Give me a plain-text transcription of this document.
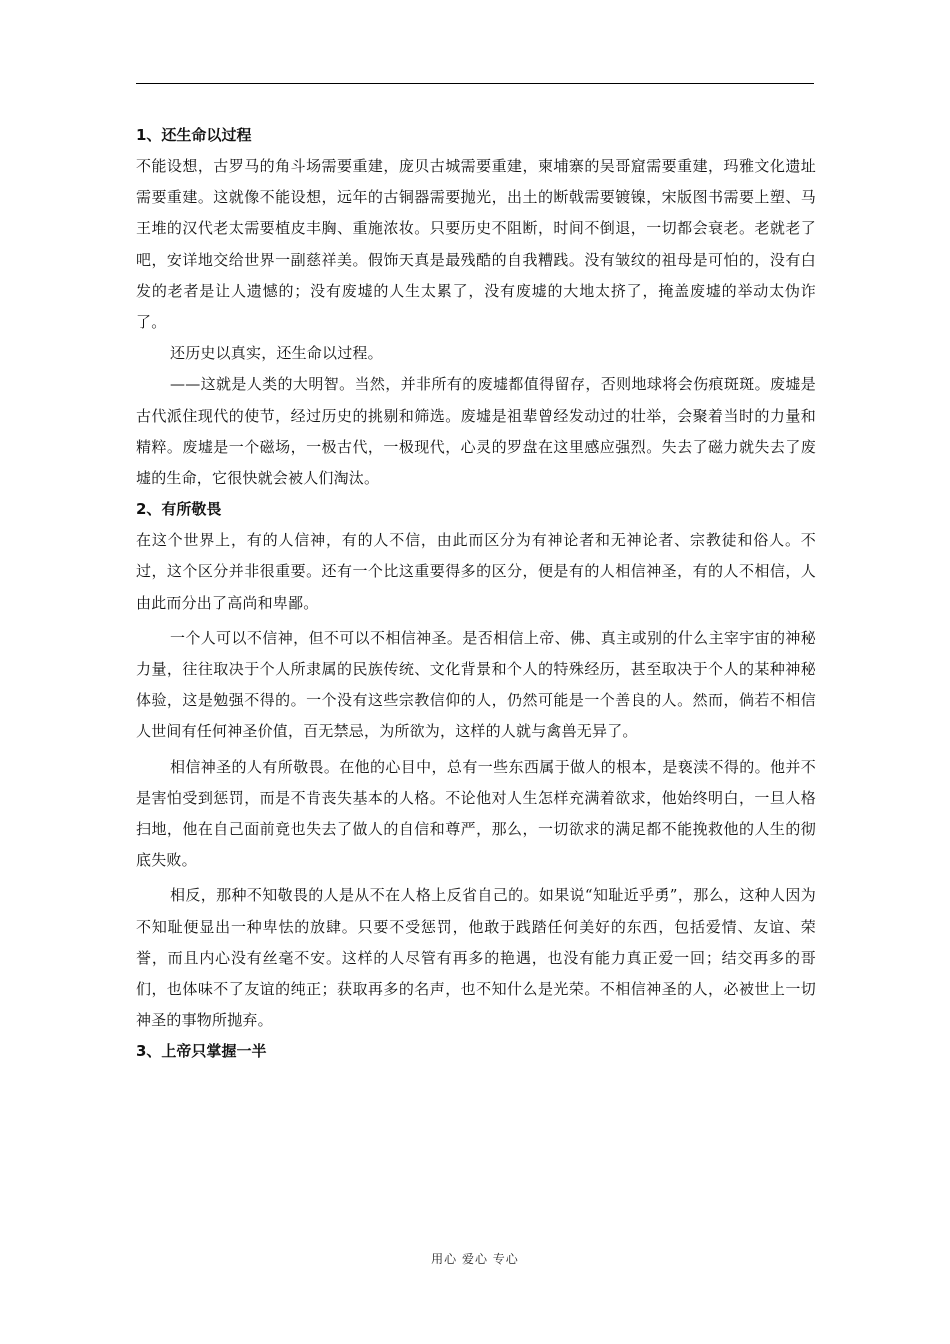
1、还生命以过程

不能设想，古罗马的角斗场需要重建，庞贝古城需要重建，柬埔寨的吴哥窟需要重建，玛雅文化遗址需要重建。这就像不能设想，远年的古铜器需要抛光，出土的断戟需要镀镍，宋版图书需要上塑、马王堆的汉代老太需要植皮丰胸、重施浓妆。只要历史不阻断，时间不倒退，一切都会衰老。老就老了吧，安详地交给世界一副慈祥美。假饰天真是最残酷的自我糟践。没有皱纹的祖母是可怕的，没有白发的老者是让人遗憾的；没有废墟的人生太累了，没有废墟的大地太挤了，掩盖废墟的举动太伪诈了。

还历史以真实，还生命以过程。

——这就是人类的大明智。当然，并非所有的废墟都值得留存，否则地球将会伤痕斑斑。废墟是古代派住现代的使节，经过历史的挑剔和筛选。废墟是祖辈曾经发动过的壮举，会聚着当时的力量和精粹。废墟是一个磁场，一极古代，一极现代，心灵的罗盘在这里感应强烈。失去了磁力就失去了废墟的生命，它很快就会被人们淘汰。

2、有所敬畏

在这个世界上，有的人信神，有的人不信，由此而区分为有神论者和无神论者、宗教徒和俗人。不过，这个区分并非很重要。还有一个比这重要得多的区分，便是有的人相信神圣，有的人不相信，人由此而分出了高尚和卑鄙。

一个人可以不信神，但不可以不相信神圣。是否相信上帝、佛、真主或别的什么主宰宇宙的神秘力量，往往取决于个人所隶属的民族传统、文化背景和个人的特殊经历，甚至取决于个人的某种神秘体验，这是勉强不得的。一个没有这些宗教信仰的人，仍然可能是一个善良的人。然而，倘若不相信人世间有任何神圣价值，百无禁忌，为所欲为，这样的人就与禽兽无异了。

相信神圣的人有所敬畏。在他的心目中，总有一些东西属于做人的根本，是亵渎不得的。他并不是害怕受到惩罚，而是不肯丧失基本的人格。不论他对人生怎样充满着欲求，他始终明白，一旦人格扫地，他在自己面前竟也失去了做人的自信和尊严，那么，一切欲求的满足都不能挽救他的人生的彻底失败。

相反，那种不知敬畏的人是从不在人格上反省自己的。如果说“知耻近乎勇”，那么，这种人因为不知耻便显出一种卑怯的放肆。只要不受惩罚，他敢于践踏任何美好的东西，包括爱情、友谊、荣誉，而且内心没有丝毫不安。这样的人尽管有再多的艳遇，也没有能力真正爱一回；结交再多的哥们，也体味不了友谊的纯正；获取再多的名声，也不知什么是光荣。不相信神圣的人，必被世上一切神圣的事物所抛弃。

3、上帝只掌握一半
用心 爱心 专心
